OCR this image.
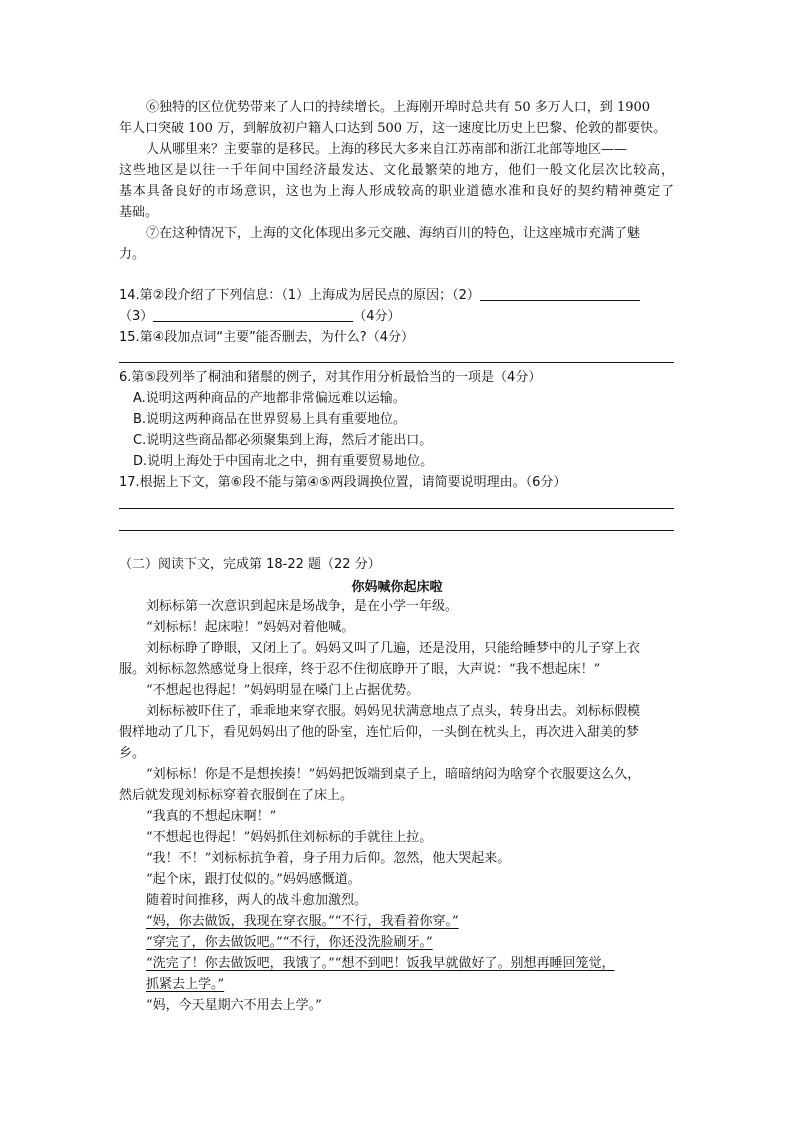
⑥独特的区位优势带来了人口的持续增长。上海刚开埠时总共有 50 多万人口，到 1900
年人口突破 100 万，到解放初户籍人口达到 500 万，这一速度比历史上巴黎、伦敦的都要快。
人从哪里来？主要靠的是移民。上海的移民大多来自江苏南部和浙江北部等地区——
这些地区是以往一千年间中国经济最发达、文化最繁荣的地方，他们一般文化层次比较高，
基本具备良好的市场意识，这也为上海人形成较高的职业道德水准和良好的契约精神奠定了
基础。
⑦在这种情况下，上海的文化体现出多元交融、海纳百川的特色，让这座城市充满了魅
力。
14.第②段介绍了下列信息：（1）上海成为居民点的原因；（2）
（3）	（4分）
15.第④段加点词“主要”能否删去，为什么?（4分）
6.第⑤段列举了桐油和猪鬃的例子，对其作用分析最恰当的一项是（4分）
A.说明这两种商品的产地都非常偏远难以运输。
B.说明这两种商品在世界贸易上具有重要地位。
C.说明这些商品都必须聚集到上海，然后才能出口。
D.说明上海处于中国南北之中，拥有重要贸易地位。
17.根据上下文，第⑥段不能与第④⑤两段调换位置，请简要说明理由。（6分）
（二）阅读下文，完成第 18-22 题（22 分）
你妈喊你起床啦
刘标标第一次意识到起床是场战争，是在小学一年级。
“刘标标！起床啦！”妈妈对着他喊。
刘标标睁了睁眼，又闭上了。妈妈又叫了几遍，还是没用，只能给睡梦中的儿子穿上衣
服。刘标标忽然感觉身上很痒，终于忍不住彻底睁开了眼，大声说：“我不想起床！”
“不想起也得起！”妈妈明显在嗓门上占据优势。
刘标标被吓住了，乖乖地来穿衣服。妈妈见状满意地点了点头，转身出去。刘标标假模
假样地动了几下，看见妈妈出了他的卧室，连忙后仰，一头倒在枕头上，再次进入甜美的梦
乡。
“刘标标！你是不是想挨揍！”妈妈把饭端到桌子上，暗暗纳闷为啥穿个衣服要这么久，
然后就发现刘标标穿着衣服倒在了床上。
“我真的不想起床啊！”
“不想起也得起！”妈妈抓住刘标标的手就往上拉。
“我！不！”刘标标抗争着，身子用力后仰。忽然，他大哭起来。
“起个床，跟打仗似的。”妈妈感慨道。
随着时间推移，两人的战斗愈加激烈。
“妈，你去做饭，我现在穿衣服。”“不行，我看着你穿。”
“穿完了，你去做饭吧。”“不行，你还没洗脸刷牙。”
“洗完了！你去做饭吧，我饿了。”“想不到吧！饭我早就做好了。别想再睡回笼觉，
抓紧去上学。”
“妈，今天星期六不用去上学。”
